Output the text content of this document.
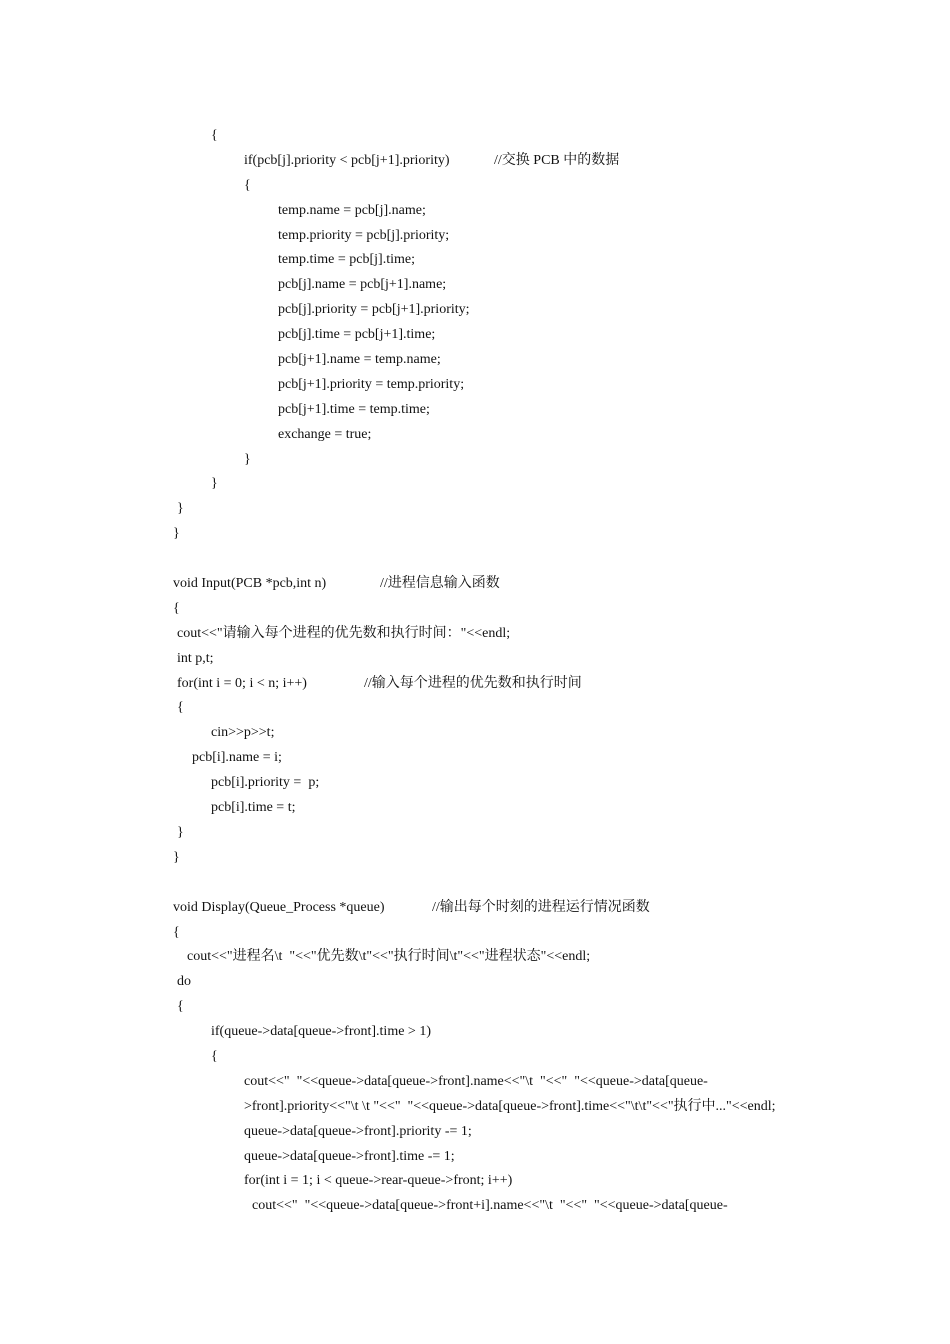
{
if(pcb[j].priority < pcb[j+1].priority)	//交换 PCB 中的数据
{
temp.name = pcb[j].name;
temp.priority = pcb[j].priority;
temp.time = pcb[j].time;
pcb[j].name = pcb[j+1].name;
pcb[j].priority = pcb[j+1].priority;
pcb[j].time = pcb[j+1].time;
pcb[j+1].name = temp.name;
pcb[j+1].priority = temp.priority;
pcb[j+1].time = temp.time;
exchange = true;
}
}
}
}
void Input(PCB *pcb,int n)	//进程信息输入函数
{
cout<<"请输入每个进程的优先数和执行时间："<<endl;
int p,t;
for(int i = 0; i < n; i++)	//输入每个进程的优先数和执行时间
{
cin>>p>>t;
pcb[i].name = i;
pcb[i].priority =  p;
pcb[i].time = t;
}
}
void Display(Queue_Process *queue)	//输出每个时刻的进程运行情况函数
{
cout<<"进程名\t  "<<"优先数\t"<<"执行时间\t"<<"进程状态"<<endl;
do
{
if(queue->data[queue->front].time > 1)
{
cout<<"  "<<queue->data[queue->front].name<<"\t  "<<"  "<<queue->data[queue-
>front].priority<<"\t \t "<<"  "<<queue->data[queue->front].time<<"\t\t"<<"执行中..."<<endl;
queue->data[queue->front].priority -= 1;
queue->data[queue->front].time -= 1;
for(int i = 1; i < queue->rear-queue->front; i++)
cout<<"  "<<queue->data[queue->front+i].name<<"\t  "<<"  "<<queue->data[queue-
